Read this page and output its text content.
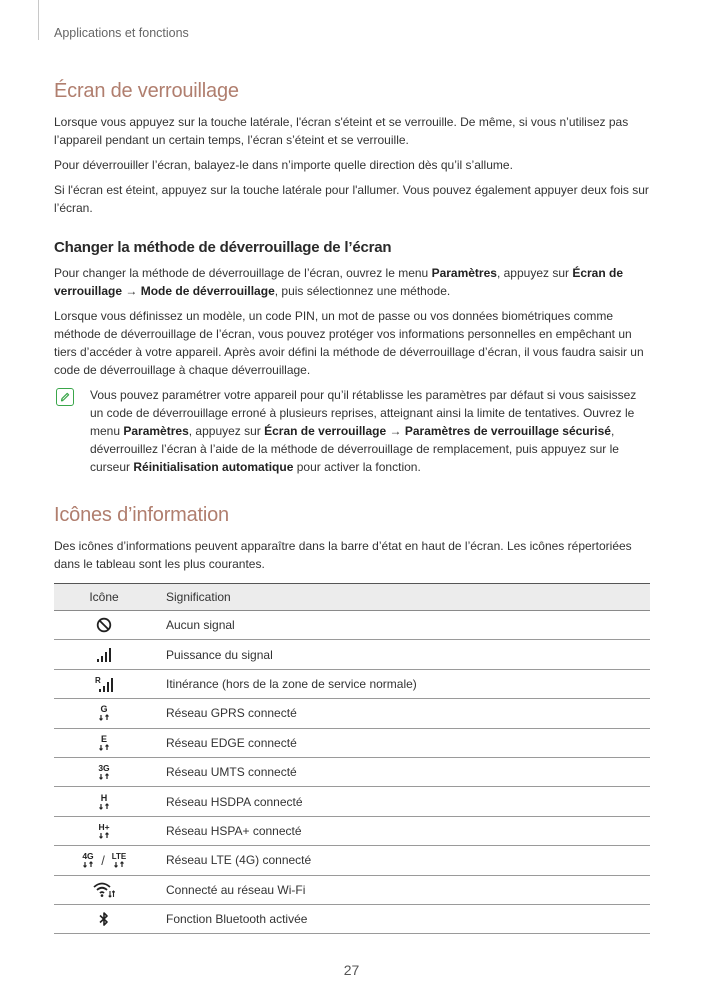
Applications et fonctions
Écran de verrouillage

Lorsque vous appuyez sur la touche latérale, l'écran s'éteint et se verrouille. De même, si vous n’utilisez pas l’appareil pendant un certain temps, l’écran s’éteint et se verrouille.

Pour déverrouiller l’écran, balayez-le dans n’importe quelle direction dès qu’il s’allume.

Si l'écran est éteint, appuyez sur la touche latérale pour l'allumer. Vous pouvez également appuyer deux fois sur l’écran.

Changer la méthode de déverrouillage de l’écran

Pour changer la méthode de déverrouillage de l’écran, ouvrez le menu Paramètres, appuyez sur Écran de verrouillage → Mode de déverrouillage, puis sélectionnez une méthode.

Lorsque vous définissez un modèle, un code PIN, un mot de passe ou vos données biométriques comme méthode de déverrouillage de l’écran, vous pouvez protéger vos informations personnelles en empêchant un tiers d’accéder à votre appareil. Après avoir défini la méthode de déverrouillage d’écran, il vous faudra saisir un code de déverrouillage à chaque déverrouillage.

Vous pouvez paramétrer votre appareil pour qu’il rétablisse les paramètres par défaut si vous saisissez un code de déverrouillage erroné à plusieurs reprises, atteignant ainsi la limite de tentatives. Ouvrez le menu Paramètres, appuyez sur Écran de verrouillage → Paramètres de verrouillage sécurisé, déverrouillez l’écran à l’aide de la méthode de déverrouillage de remplacement, puis appuyez sur le curseur Réinitialisation automatique pour activer la fonction.

Icônes d’information

Des icônes d’informations peuvent apparaître dans la barre d’état en haut de l’écran. Les icônes répertoriées dans le tableau sont les plus courantes.

Icône	Signification

	Aucun signal

	Puissance du signal

R	Itinérance (hors de la zone de service normale)

G	Réseau GPRS connecté

E	Réseau EDGE connecté

3G	Réseau UMTS connecté

H	Réseau HSDPA connecté

H+	Réseau HSPA+ connecté

4G / LTE	Réseau LTE (4G) connecté

	Connecté au réseau Wi-Fi

	Fonction Bluetooth activée
27
